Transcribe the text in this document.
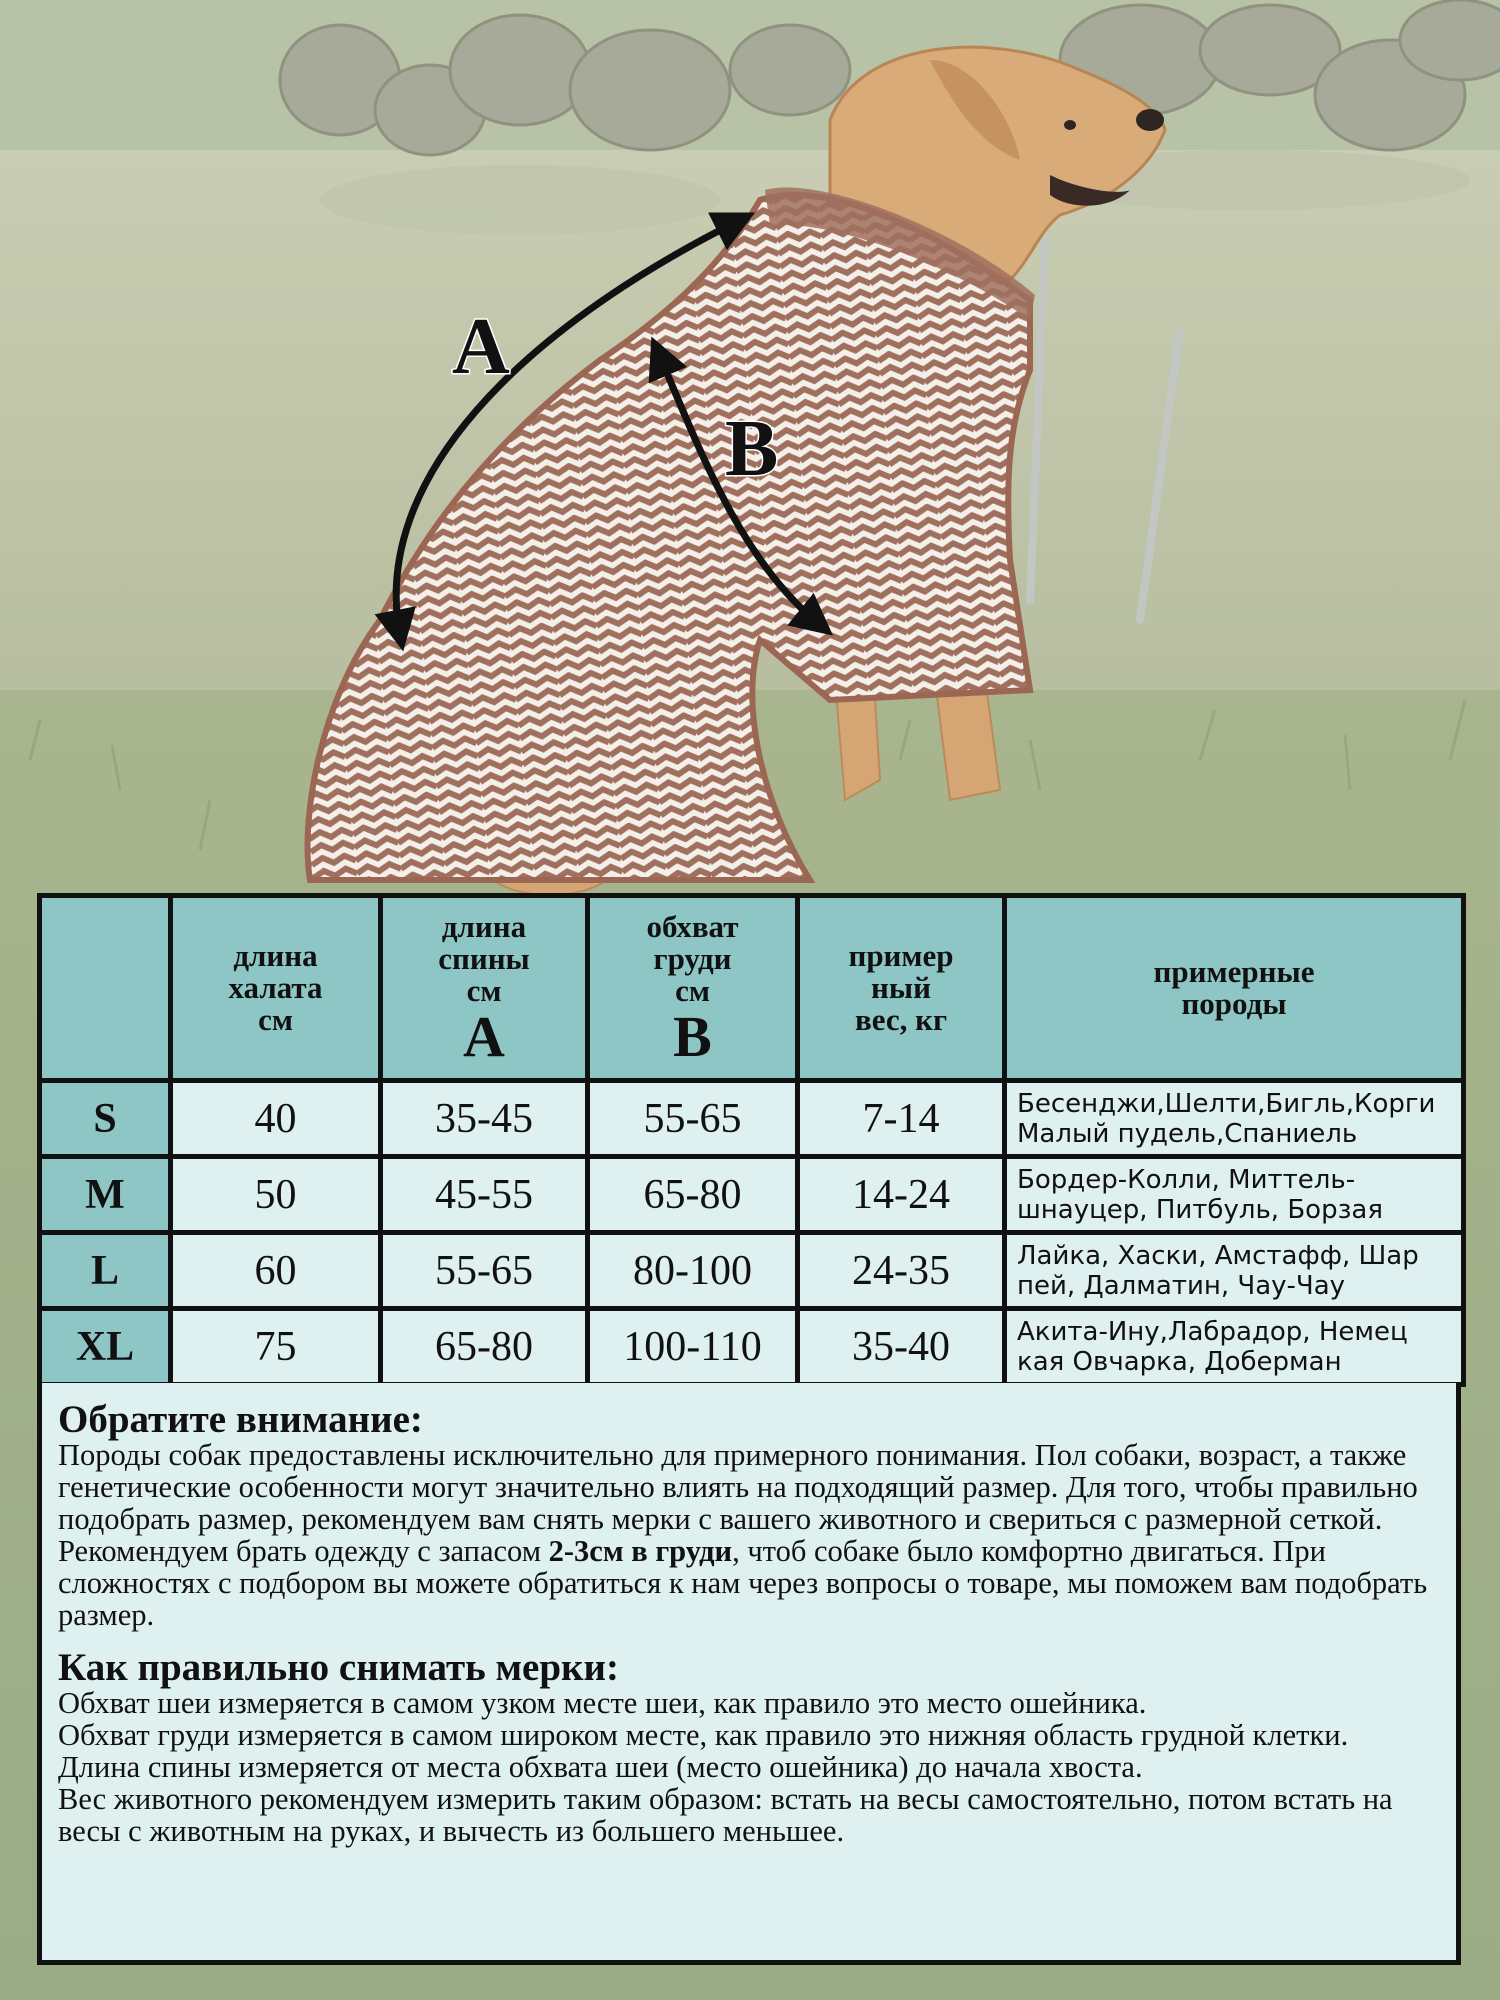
A
B

	длина
халата
см	длина
спины
см
A	обхват
груди
см
B	пример
ный
вес, кг	примерные
породы

S	40	35-45	55-65	7-14	Бесенджи,Шелти,Бигль,Корги
Малый пудель,Спаниель

M	50	45-55	65-80	14-24	Бордер-Колли, Миттель-
шнауцер, Питбуль, Борзая

L	60	55-65	80-100	24-35	Лайка, Хаски, Амстафф, Шар
пей, Далматин, Чау-Чау

XL	75	65-80	100-110	35-40	Акита-Ину,Лабрадор, Немец
кая Овчарка, Доберман
Обратите внимание:

Породы собак предоставлены исключительно для примерного понимания. Пол собаки, возраст, а также генетические особенности могут значительно влиять на подходящий размер. Для того, чтобы правильно подобрать размер, рекомендуем вам снять мерки с вашего животного и свериться с размерной сеткой. Рекомендуем брать одежду с запасом 2-3см в груди, чтоб собаке было комфортно двигаться. При сложностях с подбором вы можете обратиться к нам через вопросы о товаре, мы поможем вам подобрать размер.

Как правильно снимать мерки:

Обхват шеи измеряется в самом узком месте шеи, как правило это место ошейника.

Обхват груди измеряется в самом широком месте, как правило это нижняя область грудной клетки.

Длина спины измеряется от места обхвата шеи (место ошейника) до начала хвоста.

Вес животного рекомендуем измерить таким образом: встать на весы самостоятельно, потом встать на весы с животным на руках, и вычесть из большего меньшее.
